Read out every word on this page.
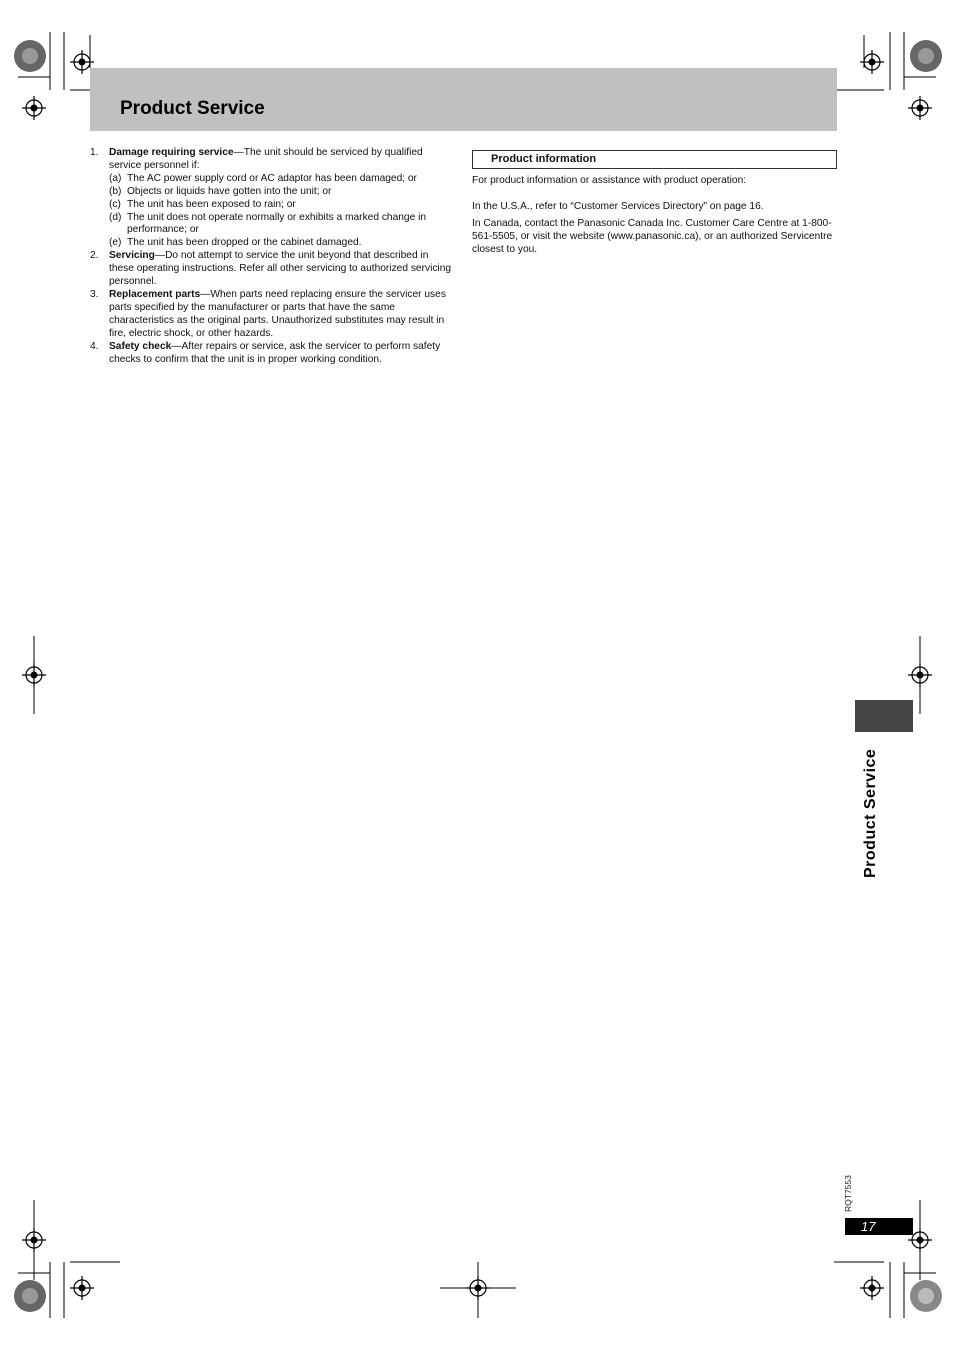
Product Service
1. Damage requiring service—The unit should be serviced by qualified service personnel if:
(a) The AC power supply cord or AC adaptor has been damaged; or
(b) Objects or liquids have gotten into the unit; or
(c) The unit has been exposed to rain; or
(d) The unit does not operate normally or exhibits a marked change in performance; or
(e) The unit has been dropped or the cabinet damaged.
2. Servicing—Do not attempt to service the unit beyond that described in these operating instructions. Refer all other servicing to authorized servicing personnel.
3. Replacement parts—When parts need replacing ensure the servicer uses parts specified by the manufacturer or parts that have the same characteristics as the original parts. Unauthorized substitutes may result in fire, electric shock, or other hazards.
4. Safety check—After repairs or service, ask the servicer to perform safety checks to confirm that the unit is in proper working condition.
Product information

For product information or assistance with product operation:

In the U.S.A., refer to “Customer Services Directory” on page 16.

In Canada, contact the Panasonic Canada Inc. Customer Care Centre at 1-800-561-5505, or visit the website (www.panasonic.ca), or an authorized Servicentre closest to you.

Product Service
RQT7553
17
